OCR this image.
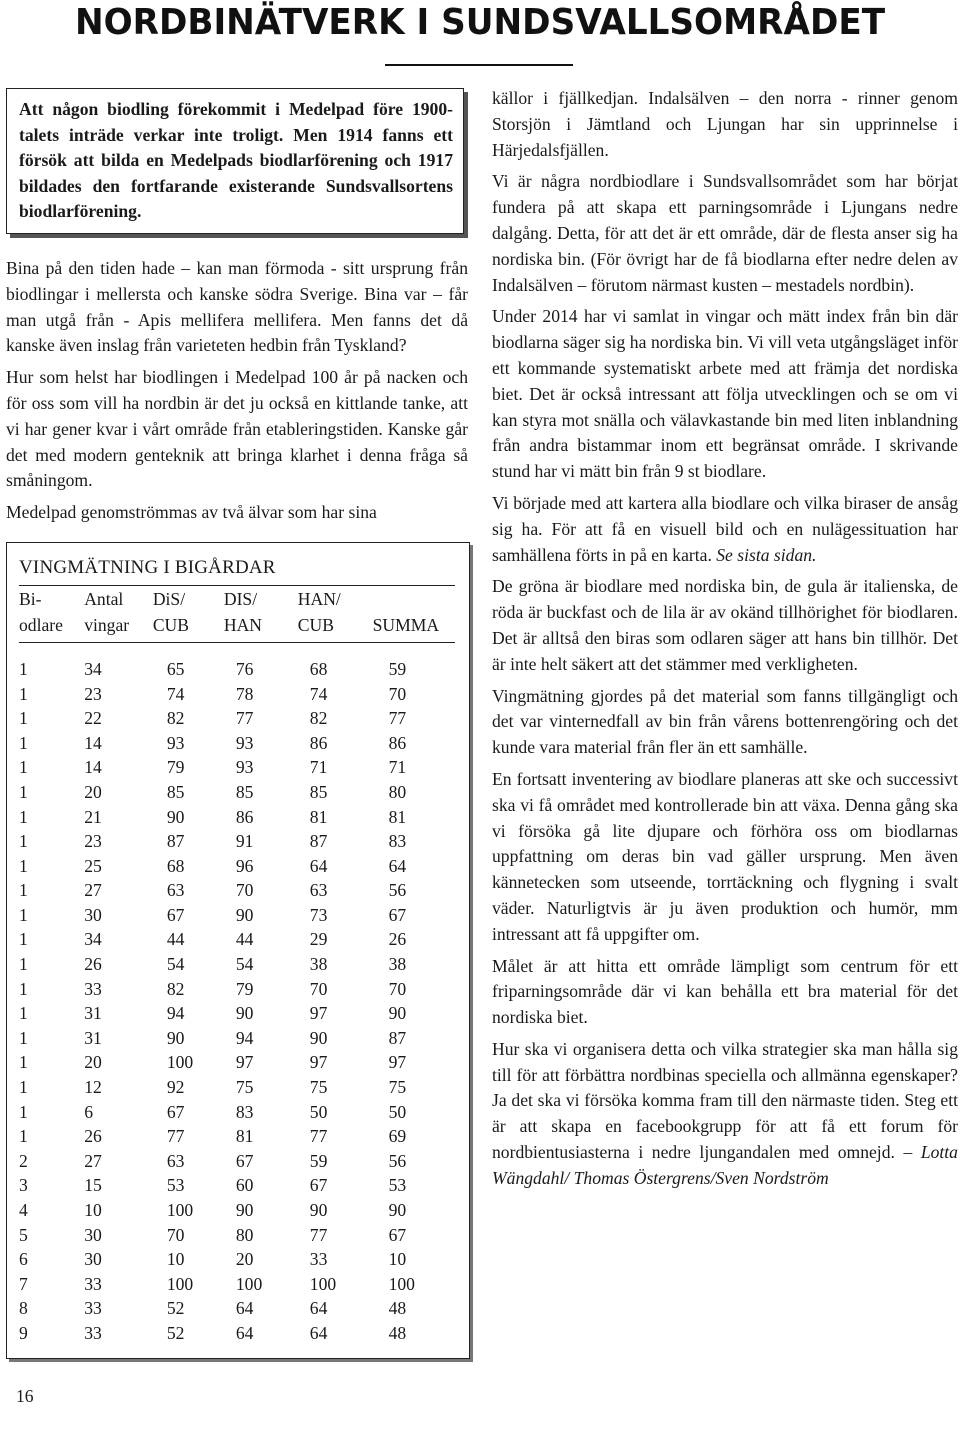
NORDBINÄTVERK I SUNDSVALLSOMRÅDET
Att någon biodling förekommit i Medelpad före 1900-talets inträde verkar inte troligt. Men 1914 fanns ett försök att bilda en Medelpads biodlarförening och 1917 bildades den fortfarande existerande Sundsvallsortens biodlarförening.

Bina på den tiden hade – kan man förmoda - sitt ursprung från biodlingar i mellersta och kanske södra Sverige. Bina var – får man utgå från - Apis mellifera mellifera. Men fanns det då kanske även inslag från varieteten hedbin från Tyskland?

Hur som helst har biodlingen i Medelpad 100 år på nacken och för oss som vill ha nordbin är det ju också en kittlande tanke, att vi har gener kvar i vårt område från etableringstiden. Kanske går det med modern genteknik att bringa klarhet i denna fråga så småningom.

Medelpad genomströmmas av två älvar som har sina

VINGMÄTNING I BIGÅRDAR
Bi-	Antal	DiS/	DIS/	HAN/	
odlare	vingar	CUB	HAN	CUB	SUMMA
1	34	65	76	68	59
1	23	74	78	74	70
1	22	82	77	82	77
1	14	93	93	86	86
1	14	79	93	71	71
1	20	85	85	85	80
1	21	90	86	81	81
1	23	87	91	87	83
1	25	68	96	64	64
1	27	63	70	63	56
1	30	67	90	73	67
1	34	44	44	29	26
1	26	54	54	38	38
1	33	82	79	70	70
1	31	94	90	97	90
1	31	90	94	90	87
1	20	100	97	97	97
1	12	92	75	75	75
1	6	67	83	50	50
1	26	77	81	77	69
2	27	63	67	59	56
3	15	53	60	67	53
4	10	100	90	90	90
5	30	70	80	77	67
6	30	10	20	33	10
7	33	100	100	100	100
8	33	52	64	64	48
9	33	52	64	64	48

källor i fjällkedjan. Indalsälven – den norra - rinner genom Storsjön i Jämtland och Ljungan har sin upprinnelse i Härjedalsfjällen.

Vi är några nordbiodlare i Sundsvallsområdet som har börjat fundera på att skapa ett parningsområde i Ljungans nedre dalgång. Detta, för att det är ett område, där de flesta anser sig ha nordiska bin. (För övrigt har de få biodlarna efter nedre delen av Indalsälven – förutom närmast kusten – mestadels nordbin).

Under 2014 har vi samlat in vingar och mätt index från bin där biodlarna säger sig ha nordiska bin. Vi vill veta utgångsläget inför ett kommande systematiskt arbete med att främja det nordiska biet. Det är också intressant att följa utvecklingen och se om vi kan styra mot snälla och välavkastande bin med liten inblandning från andra bistammar inom ett begränsat område. I skrivande stund har vi mätt bin från 9 st biodlare.

Vi började med att kartera alla biodlare och vilka biraser de ansåg sig ha. För att få en visuell bild och en nulägessituation har samhällena förts in på en karta. Se sista sidan.

De gröna är biodlare med nordiska bin, de gula är italienska, de röda är buckfast och de lila är av okänd tillhörighet för biodlaren. Det är alltså den biras som odlaren säger att hans bin tillhör. Det är inte helt säkert att det stämmer med verkligheten.

Vingmätning gjordes på det material som fanns tillgängligt och det var vinternedfall av bin från vårens bottenrengöring och det kunde vara material från fler än ett samhälle.

En fortsatt inventering av biodlare planeras att ske och successivt ska vi få området med kontrollerade bin att växa. Denna gång ska vi försöka gå lite djupare och förhöra oss om biodlarnas uppfattning om deras bin vad gäller ursprung. Men även kännetecken som utseende, torrtäckning och flygning i svalt väder. Naturligtvis är ju även produktion och humör, mm intressant att få uppgifter om.

Målet är att hitta ett område lämpligt som centrum för ett friparningsområde där vi kan behålla ett bra material för det nordiska biet.

Hur ska vi organisera detta och vilka strategier ska man hålla sig till för att förbättra nordbinas speciella och allmänna egenskaper? Ja det ska vi försöka komma fram till den närmaste tiden. Steg ett är att skapa en facebookgrupp för att få ett forum för nordbientusiasterna i nedre ljungandalen med omnejd. – Lotta Wängdahl/ Thomas Östergrens/Sven Nordström

16
